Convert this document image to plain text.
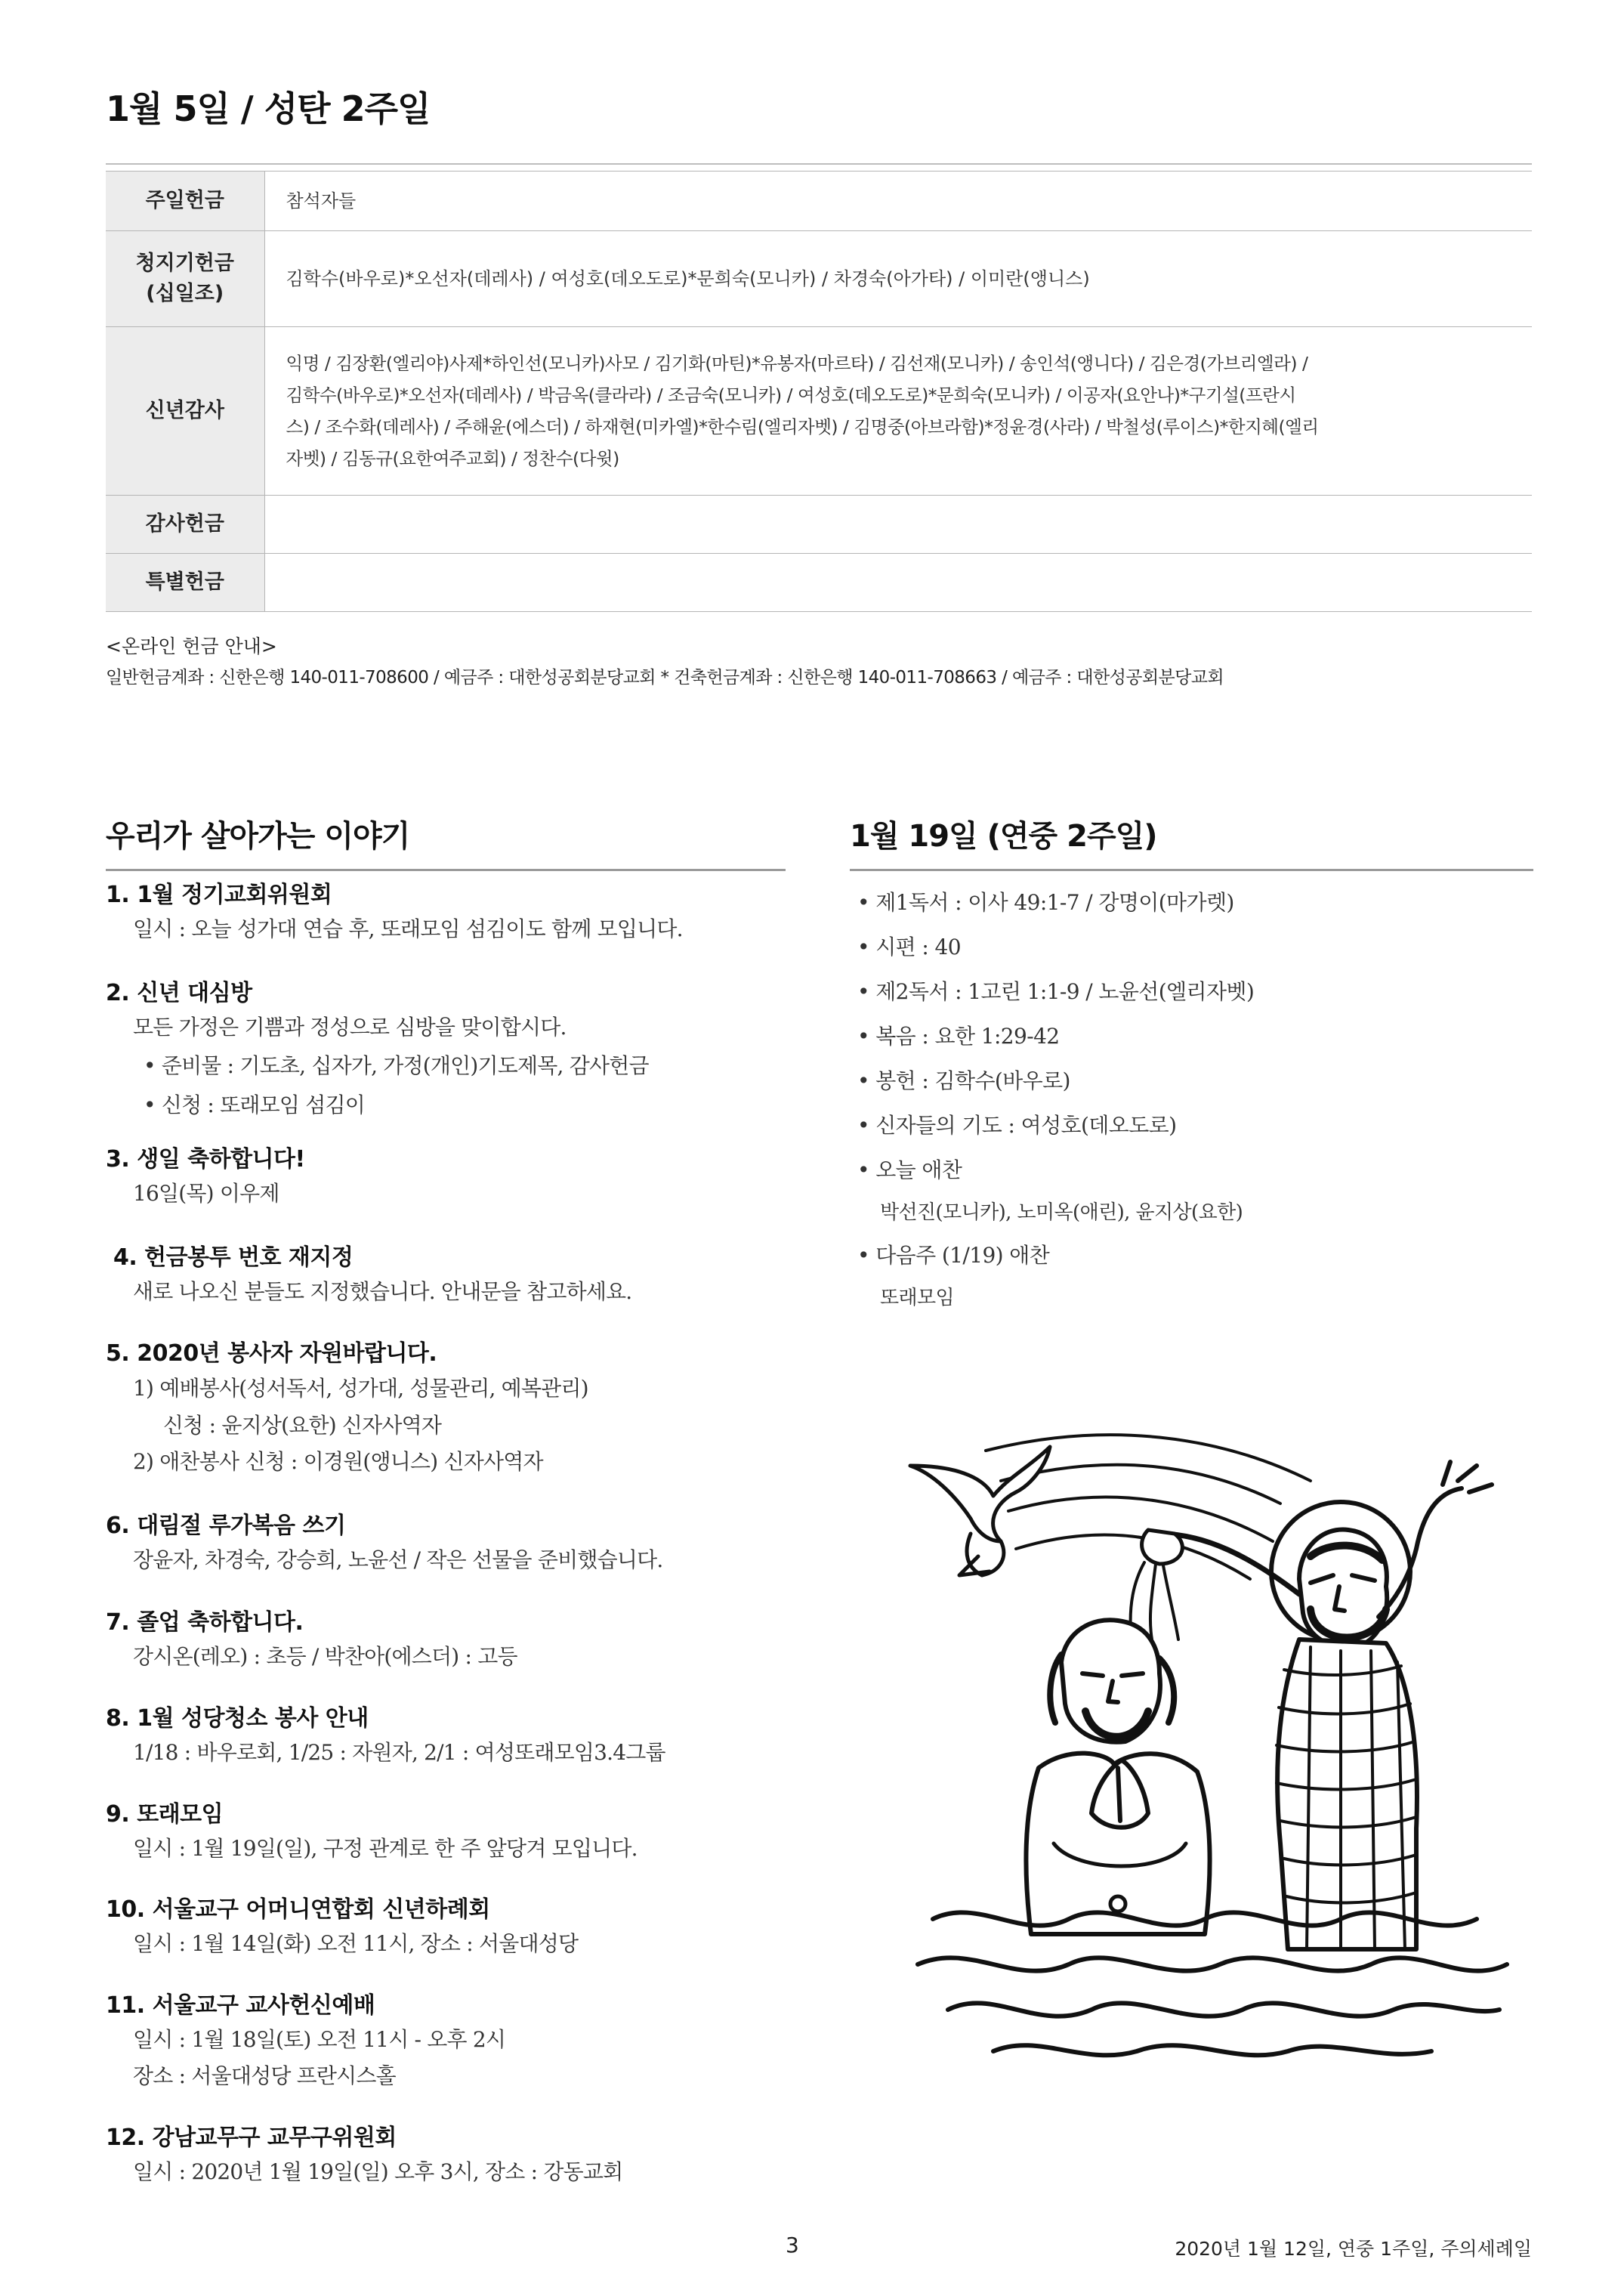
1월 5일 / 성탄 2주일
주일헌금	참석자들
청지기헌금
(십일조)	김학수(바우로)*오선자(데레사) / 여성호(데오도로)*문희숙(모니카) / 차경숙(아가타) / 이미란(앵니스)
신년감사	익명 / 김장환(엘리야)사제*하인선(모니카)사모 / 김기화(마틴)*유봉자(마르타) / 김선재(모니카) / 송인석(앵니다) / 김은경(가브리엘라) /
김학수(바우로)*오선자(데레사) / 박금옥(클라라) / 조금숙(모니카) / 여성호(데오도로)*문희숙(모니카) / 이공자(요안나)*구기설(프란시
스) / 조수화(데레사) / 주해윤(에스더) / 하재현(미카엘)*한수림(엘리자벳) / 김명중(아브라함)*정윤경(사라) / 박철성(루이스)*한지혜(엘리
자벳) / 김동규(요한여주교회) / 정찬수(다윗)

감사헌금	
특별헌금	
<온라인 헌금 안내>
일반헌금계좌 : 신한은행 140-011-708600 / 예금주 : 대한성공회분당교회 * 건축헌금계좌 : 신한은행 140-011-708663 / 예금주 : 대한성공회분당교회
우리가 살아가는 이야기
1. 1월 정기교회위원회
일시 : 오늘 성가대 연습 후, 또래모임 섬김이도 함께 모입니다.
2. 신년 대심방
모든 가정은 기쁨과 정성으로 심방을 맞이합시다.
• 준비물 : 기도초, 십자가, 가정(개인)기도제목, 감사헌금
• 신청 : 또래모임 섬김이
3. 생일 축하합니다!
16일(목) 이우제
4. 헌금봉투 번호 재지정
새로 나오신 분들도 지정했습니다. 안내문을 참고하세요.
5. 2020년 봉사자 자원바랍니다.
1) 예배봉사(성서독서, 성가대, 성물관리, 예복관리)
신청 : 윤지상(요한) 신자사역자
2) 애찬봉사 신청 : 이경원(앵니스) 신자사역자
6. 대림절 루가복음 쓰기
장윤자, 차경숙, 강승희, 노윤선 / 작은 선물을 준비했습니다.
7. 졸업 축하합니다.
강시온(레오) : 초등 / 박찬아(에스더) : 고등
8. 1월 성당청소 봉사 안내
1/18 : 바우로회, 1/25 : 자원자, 2/1 : 여성또래모임3.4그룹
9. 또래모임
일시 : 1월 19일(일), 구정 관계로 한 주 앞당겨 모입니다.
10. 서울교구 어머니연합회 신년하례회
일시 : 1월 14일(화) 오전 11시, 장소 : 서울대성당
11. 서울교구 교사헌신예배
일시 : 1월 18일(토) 오전 11시 - 오후 2시
장소 : 서울대성당 프란시스홀
12. 강남교무구 교무구위원회
일시 : 2020년 1월 19일(일) 오후 3시, 장소 : 강동교회
1월 19일 (연중 2주일)
• 제1독서 : 이사 49:1-7 / 강명이(마가렛)
• 시편 : 40
• 제2독서 : 1고린 1:1-9 / 노윤선(엘리자벳)
• 복음 : 요한 1:29-42
• 봉헌 : 김학수(바우로)
• 신자들의 기도 : 여성호(데오도로)
• 오늘 애찬
박선진(모니카), 노미옥(애린), 윤지상(요한)
• 다음주 (1/19) 애찬
또래모임
3	2020년 1월 12일, 연중 1주일, 주의세례일
